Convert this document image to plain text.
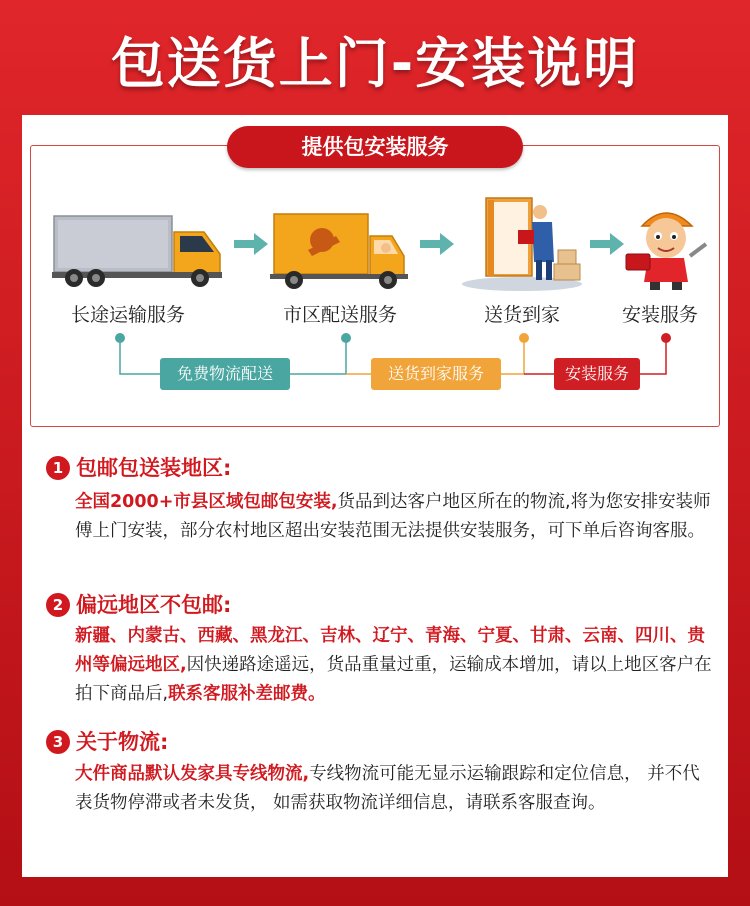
包送货上门-安装说明
提供包安装服务
长途运输服务	市区配送服务	送货到家	安装服务
免费物流配送	送货到家服务	安装服务
1 包邮包送装地区:
全国2000+市县区域包邮包安装,货品到达客户地区所在的物流,将为您安排安装师傅上门安装，部分农村地区超出安装范围无法提供安装服务，可下单后咨询客服。
2 偏远地区不包邮:
新疆、内蒙古、西藏、黑龙江、吉林、辽宁、青海、宁夏、甘肃、云南、四川、贵州等偏远地区,因快递路途遥远，货品重量过重，运输成本增加，请以上地区客户在拍下商品后,联系客服补差邮费。
3 关于物流:
大件商品默认发家具专线物流,专线物流可能无显示运输跟踪和定位信息， 并不代表货物停滞或者未发货， 如需获取物流详细信息，请联系客服查询。
